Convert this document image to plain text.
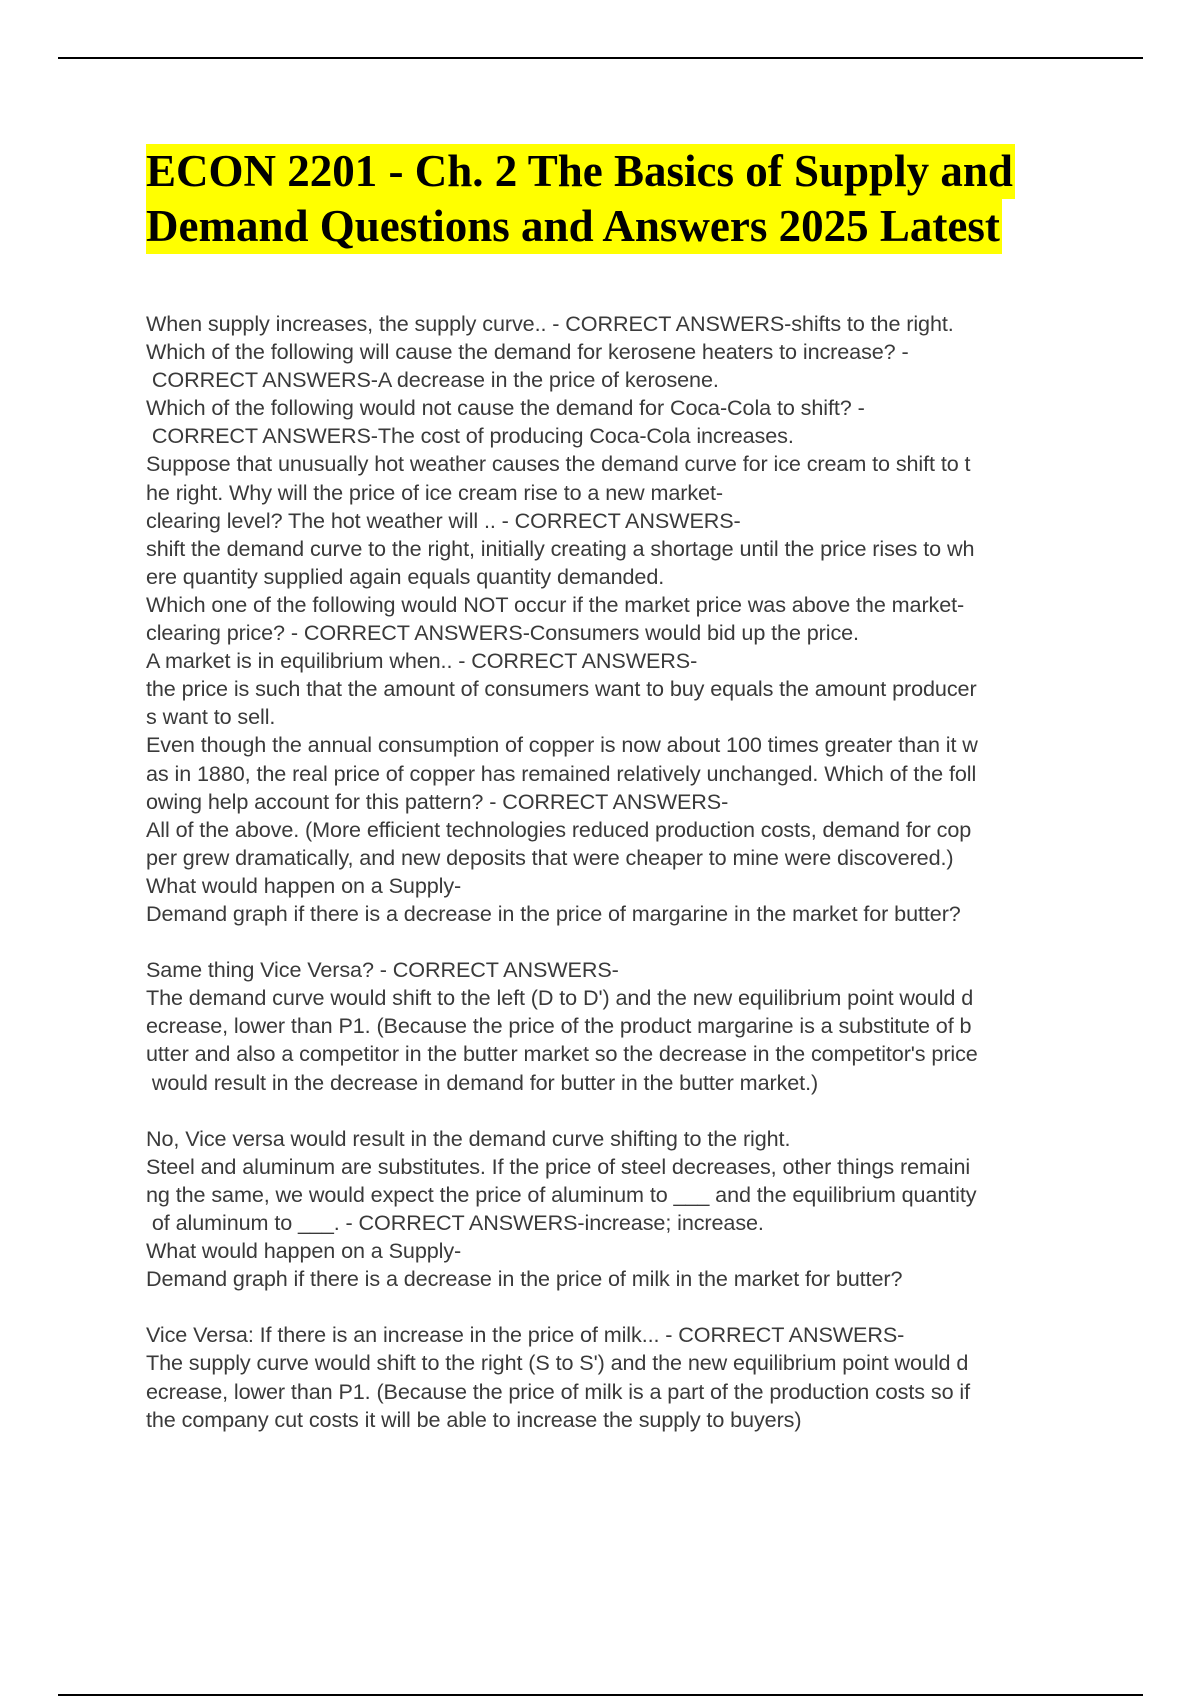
ECON 2201 - Ch. 2 The Basics of Supply and
Demand Questions and Answers 2025 Latest
When supply increases, the supply curve.. - CORRECT ANSWERS-shifts to the right.
Which of the following will cause the demand for kerosene heaters to increase? -
CORRECT ANSWERS-A decrease in the price of kerosene.
Which of the following would not cause the demand for Coca-Cola to shift? -
CORRECT ANSWERS-The cost of producing Coca-Cola increases.
Suppose that unusually hot weather causes the demand curve for ice cream to shift to t
he right. Why will the price of ice cream rise to a new market-
clearing level? The hot weather will .. - CORRECT ANSWERS-
shift the demand curve to the right, initially creating a shortage until the price rises to wh
ere quantity supplied again equals quantity demanded.
Which one of the following would NOT occur if the market price was above the market-
clearing price? - CORRECT ANSWERS-Consumers would bid up the price.
A market is in equilibrium when.. - CORRECT ANSWERS-
the price is such that the amount of consumers want to buy equals the amount producer
s want to sell.
Even though the annual consumption of copper is now about 100 times greater than it w
as in 1880, the real price of copper has remained relatively unchanged. Which of the foll
owing help account for this pattern? - CORRECT ANSWERS-
All of the above. (More efficient technologies reduced production costs, demand for cop
per grew dramatically, and new deposits that were cheaper to mine were discovered.)
What would happen on a Supply-
Demand graph if there is a decrease in the price of margarine in the market for butter?
Same thing Vice Versa? - CORRECT ANSWERS-
The demand curve would shift to the left (D to D') and the new equilibrium point would d
ecrease, lower than P1. (Because the price of the product margarine is a substitute of b
utter and also a competitor in the butter market so the decrease in the competitor's price
would result in the decrease in demand for butter in the butter market.)
No, Vice versa would result in the demand curve shifting to the right.
Steel and aluminum are substitutes. If the price of steel decreases, other things remaini
ng the same, we would expect the price of aluminum to ___ and the equilibrium quantity
of aluminum to ___. - CORRECT ANSWERS-increase; increase.
What would happen on a Supply-
Demand graph if there is a decrease in the price of milk in the market for butter?
Vice Versa: If there is an increase in the price of milk... - CORRECT ANSWERS-
The supply curve would shift to the right (S to S') and the new equilibrium point would d
ecrease, lower than P1. (Because the price of milk is a part of the production costs so if
the company cut costs it will be able to increase the supply to buyers)
